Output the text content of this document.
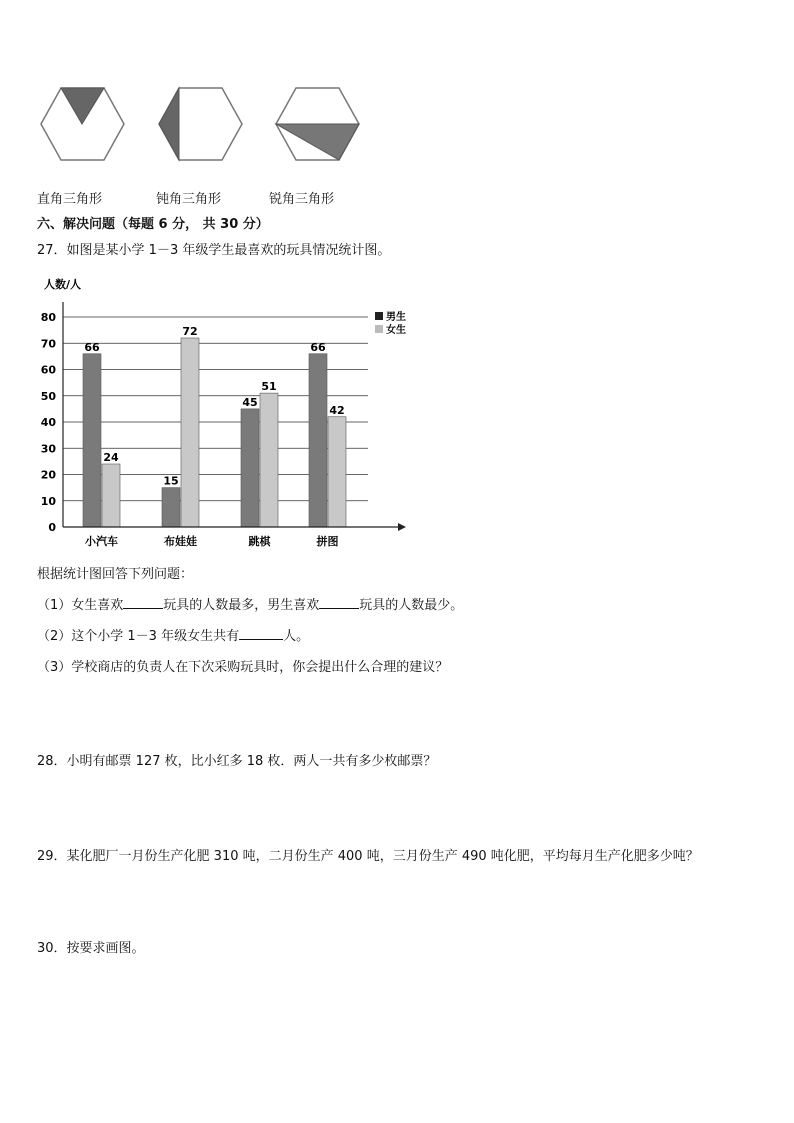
直角三角形	钝角三角形	锐角三角形
六、解决问题（每题 6 分， 共 30 分）
27．如图是某小学 1－3 年级学生最喜欢的玩具情况统计图。
人数/人
0
10
20
30
40
50
60
70
80
66
24
15
72
45
51
66
42
小汽车	布娃娃	跳棋	拼图
男生
女生
根据统计图回答下列问题：
（1）女生喜欢	玩具的人数最多，男生喜欢	玩具的人数最少。
（2）这个小学 1－3 年级女生共有	人。
（3）学校商店的负责人在下次采购玩具时，你会提出什么合理的建议？
28．小明有邮票 127 枚，比小红多 18 枚．两人一共有多少枚邮票？
29．某化肥厂一月份生产化肥 310 吨，二月份生产 400 吨，三月份生产 490 吨化肥，平均每月生产化肥多少吨？
30．按要求画图。
